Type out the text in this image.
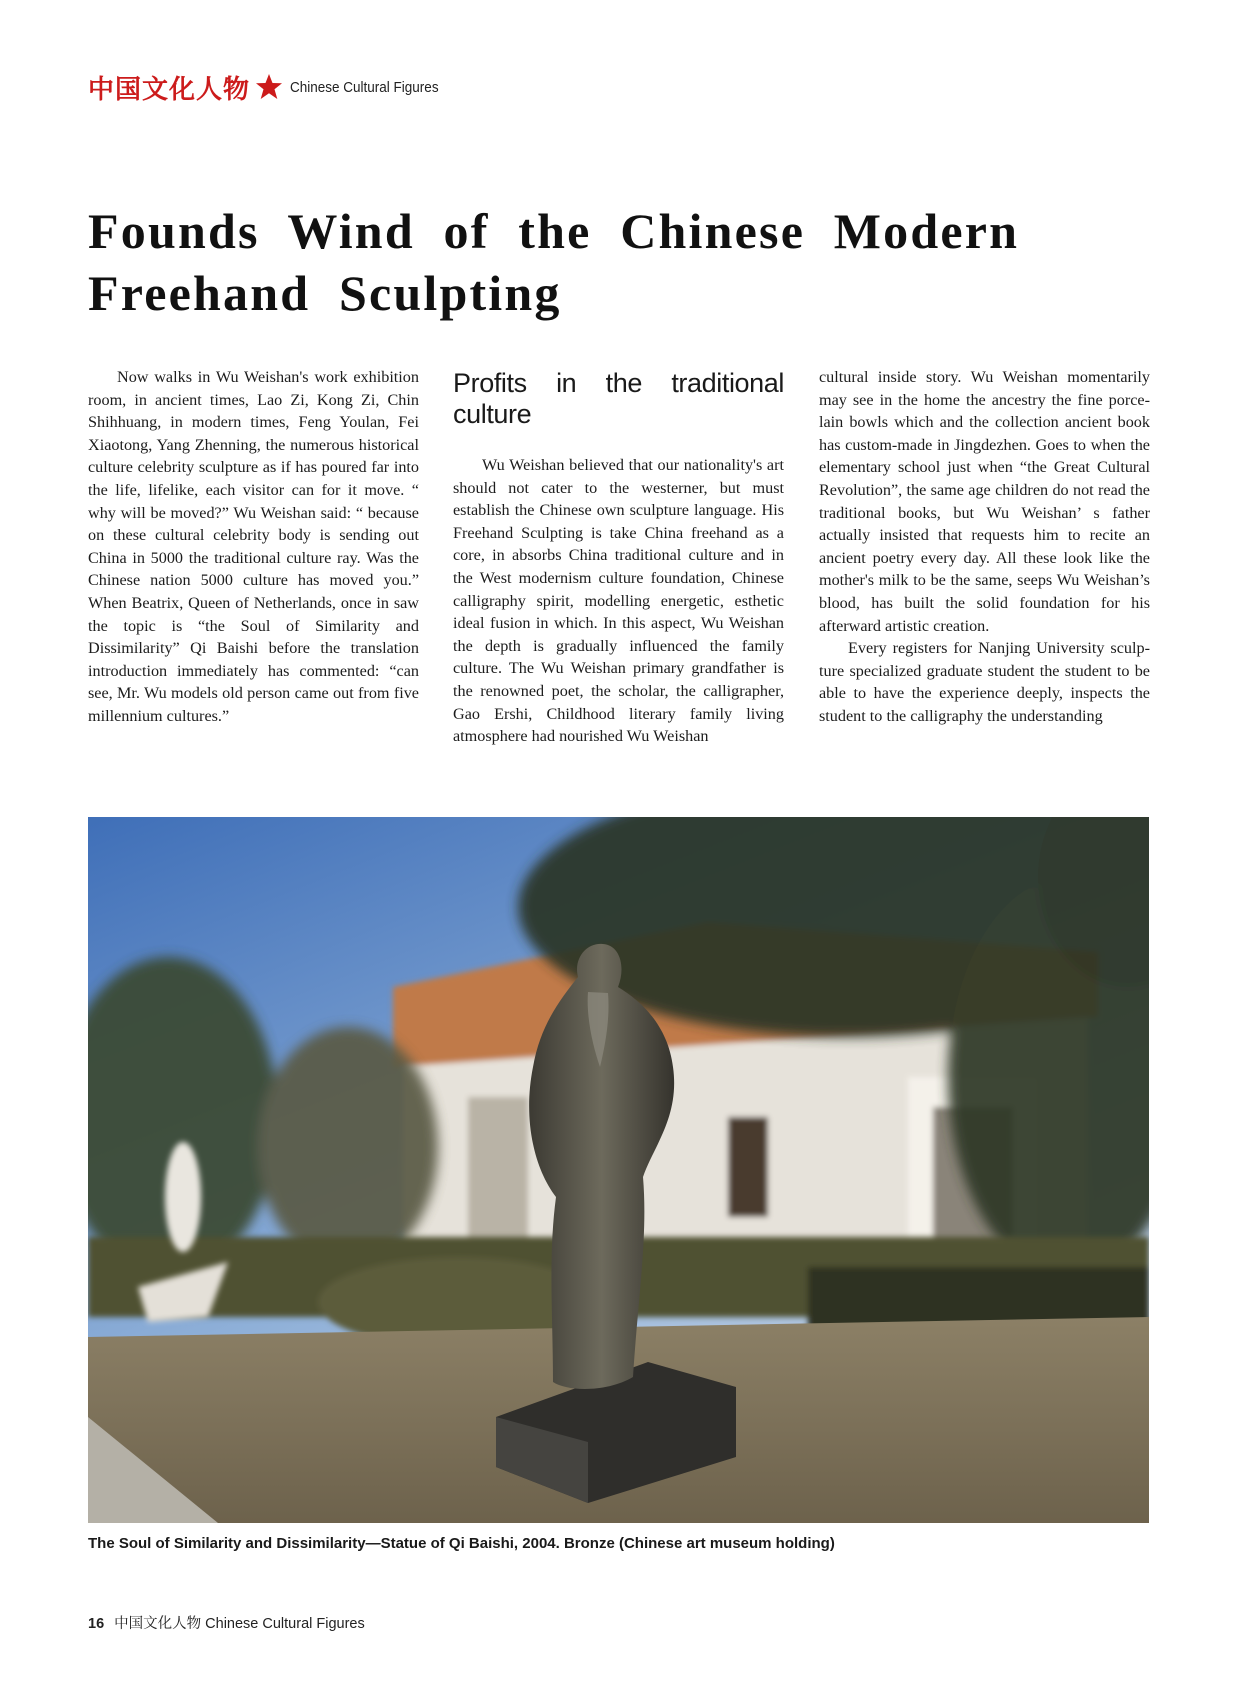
中国文化人物	Chinese Cultural Figures
Founds Wind of the Chinese Modern
Freehand Sculpting

Now walks in Wu Weishan's work exhibition room, in ancient times, Lao Zi, Kong Zi, Chin Shihhuang, in modern times, Feng Youlan, Fei Xiaotong, Yang Zhenning, the numerous historical culture celebrity sculpture as if has poured far into the life, lifelike, each visitor can for it move. “ why will be moved?” Wu Weishan said: “ because on these cultural celebrity body is sending out China in 5000 the traditional culture ray. Was the Chinese nation 5000 culture has moved you.” When Beatrix, Queen of Netherlands, once in saw the topic is “the Soul of Similarity and Dissimilarity” Qi Baishi before the translation introduction immediately has commented: “can see, Mr. Wu models old person came out from five millennium cultures.”

Profits in the traditional culture

Wu Weishan believed that our nationality's art should not cater to the westerner, but must establish the Chinese own sculpture language. His Freehand Sculpting is take China freehand as a core, in absorbs China traditional culture and in the West modernism culture foundation, Chinese calligraphy spirit, modelling energetic, esthetic ideal fusion in which. In this aspect, Wu Weishan the depth is gradually influenced the family culture. The Wu Weishan primary grandfather is the renowned poet, the scholar, the calligrapher, Gao Ershi, Childhood literary family living atmosphere had nourished Wu Weishan

cultural inside story. Wu Weishan momentarily may see in the home the ancestry the fine porcelain bowls which and the collection ancient book has custom-made in Jingdezhen. Goes to when the elementary school just when “the Great Cultural Revolution”, the same age children do not read the traditional books, but Wu Weishan’ s father actually insisted that requests him to recite an ancient poetry every day. All these look like the mother's milk to be the same, seeps Wu Weishan’s blood, has built the solid foundation for his afterward artistic creation.

Every registers for Nanjing University sculpture specialized graduate student the student to be able to have the experience deeply, inspects the student to the calligraphy the understanding

The Soul of Similarity and Dissimilarity—Statue of Qi Baishi, 2004. Bronze (Chinese art museum holding)
16 中国文化人物 Chinese Cultural Figures
